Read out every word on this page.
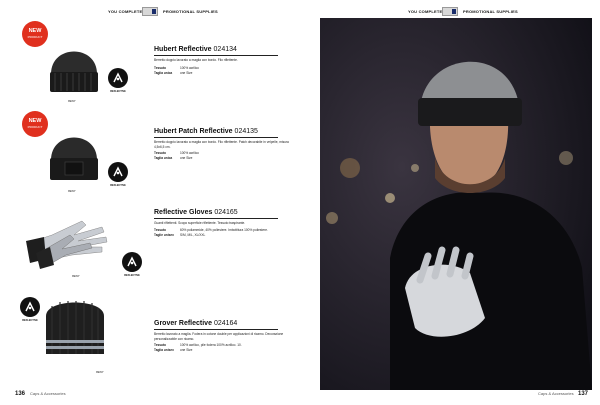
YOU COMPLETE	PROMOTIONAL SUPPLIES
NEW
PRODUCT
99/97
REFLECTIVE
Hubert Reflective 024134
Berretto doppio lavorato a maglia con bordo. Filo riflettente.
Tessuto	100% acrilico
Taglia unica one Size
NEW
PRODUCT
99/97
REFLECTIVE
Hubert Patch Reflective 024135
Berretto doppio lavorato a maglia con bordo. Filo riflettente. Patch decorabile in velpelle, misura 4,5x6,5 cm.
Tessuto	100% acrilico
Taglia unica one Size
99/97	REFLECTIVE
Reflective Gloves 024165
Guanti riflettenti. Scopo superficie riflettente. Tessuto traspirante.
Tessuto	60% poliammide, 40% poliestere. Imbottitura 100% poliestere.
Taglie unisex S/M, M/L, XL/XXL
REFLECTIVE
99/97
Grover Reflective 024164
Berretto lavorato a maglia. Fodera in cotone double per applicazioni di ricamo. Decorazione personalizzabile con ricamo.
Tessuto	100% acrilico, pile fodera 100% acrilico. 10.
Taglia unisex one Size
136 Caps & Accessories
YOU COMPLETE	PROMOTIONAL SUPPLIES
Caps & Accessories 137
